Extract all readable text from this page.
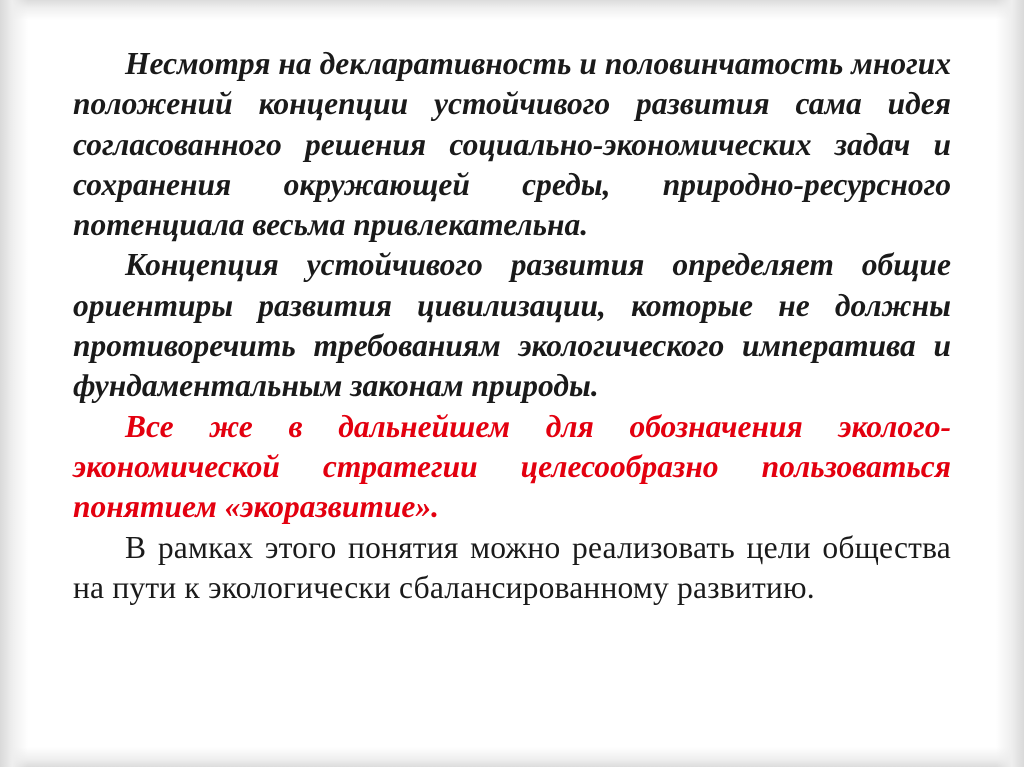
Несмотря на декларативность и половинчатость многих положений концепции устойчивого развития сама идея согласованного решения социально-экономических задач и сохранения окружающей среды, природно-ресурсного потенциала весьма привлекательна.

Концепция устойчивого развития определяет общие ориентиры развития цивилизации, которые не должны противоречить требованиям экологического императива и фундаментальным законам природы.

Все же в дальнейшем для обозначения эколого-экономической стратегии целесообразно пользоваться понятием «экоразвитие».

В рамках этого понятия можно реализовать цели общества на пути к экологически сбалансированному развитию.
